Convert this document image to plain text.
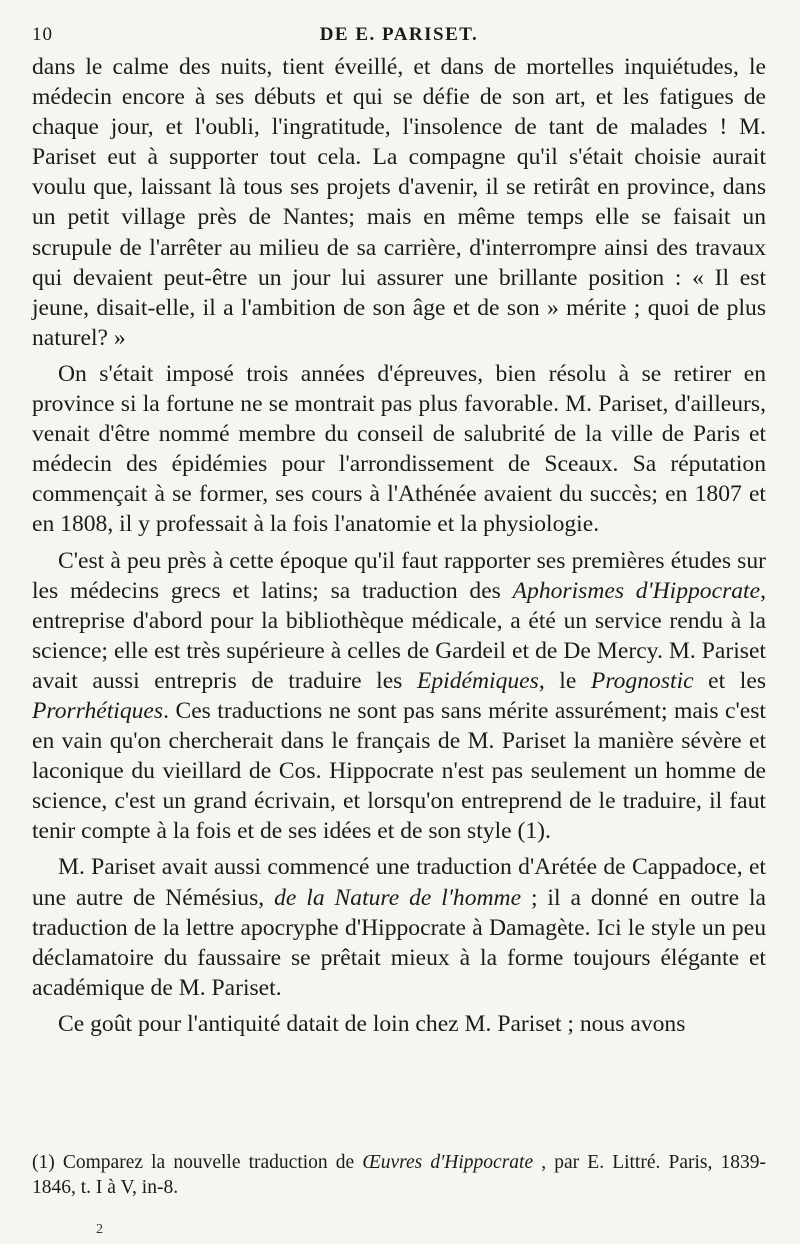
10	DE E. PARISET.

dans le calme des nuits, tient éveillé, et dans de mortelles inquiétudes, le médecin encore à ses débuts et qui se défie de son art, et les fatigues de chaque jour, et l'oubli, l'ingratitude, l'insolence de tant de malades ! M. Pariset eut à supporter tout cela. La compagne qu'il s'était choisie aurait voulu que, laissant là tous ses projets d'avenir, il se retirât en province, dans un petit village près de Nantes; mais en même temps elle se faisait un scrupule de l'arrêter au milieu de sa carrière, d'interrompre ainsi des travaux qui devaient peut-être un jour lui assurer une brillante position : « Il est jeune, disait-elle, il a l'ambition de son âge et de son » mérite ; quoi de plus naturel? »

On s'était imposé trois années d'épreuves, bien résolu à se retirer en province si la fortune ne se montrait pas plus favorable. M. Pariset, d'ailleurs, venait d'être nommé membre du conseil de salubrité de la ville de Paris et médecin des épidémies pour l'arrondissement de Sceaux. Sa réputation commençait à se former, ses cours à l'Athénée avaient du succès; en 1807 et en 1808, il y professait à la fois l'anatomie et la physiologie.

C'est à peu près à cette époque qu'il faut rapporter ses premières études sur les médecins grecs et latins; sa traduction des Aphorismes d'Hippocrate, entreprise d'abord pour la bibliothèque médicale, a été un service rendu à la science; elle est très supérieure à celles de Gardeil et de De Mercy. M. Pariset avait aussi entrepris de traduire les Epidémiques, le Prognostic et les Prorrhétiques. Ces traductions ne sont pas sans mérite assurément; mais c'est en vain qu'on chercherait dans le français de M. Pariset la manière sévère et laconique du vieillard de Cos. Hippocrate n'est pas seulement un homme de science, c'est un grand écrivain, et lorsqu'on entreprend de le traduire, il faut tenir compte à la fois et de ses idées et de son style (1).

M. Pariset avait aussi commencé une traduction d'Arétée de Cappadoce, et une autre de Némésius, de la Nature de l'homme ; il a donné en outre la traduction de la lettre apocryphe d'Hippocrate à Damagète. Ici le style un peu déclamatoire du faussaire se prêtait mieux à la forme toujours élégante et académique de M. Pariset.

Ce goût pour l'antiquité datait de loin chez M. Pariset ; nous avons

(1) Comparez la nouvelle traduction de Œuvres d'Hippocrate , par E. Littré. Paris, 1839-1846, t. I à V, in-8.
2
